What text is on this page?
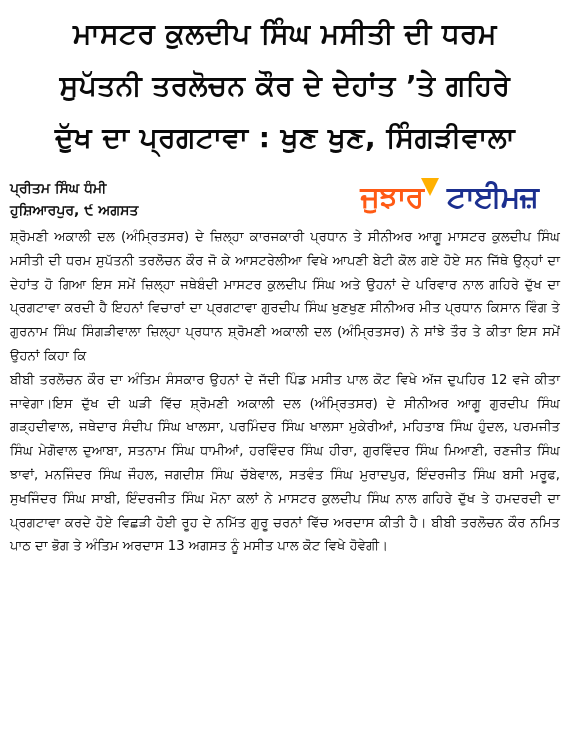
ਮਾਸਟਰ ਕੁਲਦੀਪ ਸਿੰਘ ਮਸੀਤੀ ਦੀ ਧਰਮ
ਸੁਪੱਤਨੀ ਤਰਲੋਚਨ ਕੌਰ ਦੇ ਦੇਹਾਂਤ ’ਤੇ ਗਹਿਰੇ
ਦੁੱਖ ਦਾ ਪ੍ਰਗਟਾਵਾ : ਖੁਣ ਖੁਣ, ਸਿੰਗੜੀਵਾਲਾ
ਪ੍ਰੀਤਮ ਸਿੰਘ ਧੰਮੀ
ਹੁਸ਼ਿਆਰਪੁਰ, ੯ ਅਗਸਤ	ਜੁਝਾਰ ਟਾਈਮਜ਼

ਸ਼੍ਰੋਮਣੀ ਅਕਾਲੀ ਦਲ (ਅੰਮ੍ਰਿਤਸਰ) ਦੇ ਜ਼ਿਲ੍ਹਾ ਕਾਰਜਕਾਰੀ ਪ੍ਰਧਾਨ ਤੇ ਸੀਨੀਅਰ ਆਗੂ ਮਾਸਟਰ ਕੁਲਦੀਪ ਸਿੰਘ ਮਸੀਤੀ ਦੀ ਧਰਮ ਸੁਪੱਤਨੀ ਤਰਲੋਚਨ ਕੌਰ ਜੋ ਕੇ ਆਸਟਰੇਲੀਆ ਵਿਖੇ ਆਪਣੀ ਬੇਟੀ ਕੋਲ ਗਏ ਹੋਏ ਸਨ ਜਿੱਥੇ ਉਨ੍ਹਾਂ ਦਾ ਦੇਹਾਂਤ ਹੋ ਗਿਆ ਇਸ ਸਮੇਂ ਜ਼ਿਲ੍ਹਾ ਜਥੇਬੰਦੀ ਮਾਸਟਰ ਕੁਲਦੀਪ ਸਿੰਘ ਅਤੇ ਉਹਨਾਂ ਦੇ ਪਰਿਵਾਰ ਨਾਲ ਗਹਿਰੇ ਦੁੱਖ ਦਾ ਪ੍ਰਗਟਾਵਾ ਕਰਦੀ ਹੈ ਇਹਨਾਂ ਵਿਚਾਰਾਂ ਦਾ ਪ੍ਰਗਟਾਵਾ ਗੁਰਦੀਪ ਸਿੰਘ ਖੁਣਖੁਣ ਸੀਨੀਅਰ ਮੀਤ ਪ੍ਰਧਾਨ ਕਿਸਾਨ ਵਿੰਗ ਤੇ ਗੁਰਨਾਮ ਸਿੰਘ ਸਿੰਗੜੀਵਾਲਾ ਜ਼ਿਲ੍ਹਾ ਪ੍ਰਧਾਨ ਸ਼੍ਰੋਮਣੀ ਅਕਾਲੀ ਦਲ (ਅੰਮ੍ਰਿਤਸਰ) ਨੇ ਸਾਂਝੇ ਤੌਰ ਤੇ ਕੀਤਾ ਇਸ ਸਮੇਂ ਉਹਨਾਂ ਕਿਹਾ ਕਿ

ਬੀਬੀ ਤਰਲੋਚਨ ਕੌਰ ਦਾ ਅੰਤਿਮ ਸੰਸਕਾਰ ਉਹਨਾਂ ਦੇ ਜੱਦੀ ਪਿੰਡ ਮਸੀਤ ਪਾਲ ਕੋਟ ਵਿਖੇ ਅੱਜ ਦੁਪਹਿਰ 12 ਵਜੇ ਕੀਤਾ ਜਾਵੇਗਾ।ਇਸ ਦੁੱਖ ਦੀ ਘੜੀ ਵਿੱਚ ਸ਼੍ਰੋਮਣੀ ਅਕਾਲੀ ਦਲ (ਅੰਮ੍ਰਿਤਸਰ) ਦੇ ਸੀਨੀਅਰ ਆਗੂ ਗੁਰਦੀਪ ਸਿੰਘ ਗੜ੍ਹਦੀਵਾਲ, ਜਥੇਦਾਰ ਸੰਦੀਪ ਸਿੰਘ ਖਾਲਸਾ, ਪਰਮਿੰਦਰ ਸਿੰਘ ਖਾਲਸਾ ਮੁਕੇਰੀਆਂ, ਮਹਿਤਾਬ ਸਿੰਘ ਹੁੰਦਲ, ਪਰਮਜੀਤ ਸਿੰਘ ਮੇਗੋਵਾਲ ਦੁਆਬਾ, ਸਤਨਾਮ ਸਿੰਘ ਧਾਮੀਆਂ, ਹਰਵਿੰਦਰ ਸਿੰਘ ਹੀਰਾ, ਗੁਰਵਿੰਦਰ ਸਿੰਘ ਮਿਆਣੀ, ਰਣਜੀਤ ਸਿੰਘ ਝਾਵਾਂ, ਮਨਜਿੰਦਰ ਸਿੰਘ ਜੌਹਲ, ਜਗਦੀਸ਼ ਸਿੰਘ ਚੱਬੇਵਾਲ, ਸਤਵੰਤ ਸਿੰਘ ਮੁਰਾਦਪੁਰ, ਇੰਦਰਜੀਤ ਸਿੰਘ ਬਸੀ ਮਰੂਫ, ਸੁਖਜਿੰਦਰ ਸਿੰਘ ਸਾਬੀ, ਇੰਦਰਜੀਤ ਸਿੰਘ ਮੋਨਾ ਕਲਾਂ ਨੇ ਮਾਸਟਰ ਕੁਲਦੀਪ ਸਿੰਘ ਨਾਲ ਗਹਿਰੇ ਦੁੱਖ ਤੇ ਹਮਦਰਦੀ ਦਾ ਪ੍ਰਗਟਾਵਾ ਕਰਦੇ ਹੋਏ ਵਿਛੜੀ ਹੋਈ ਰੂਹ ਦੇ ਨਮਿੱਤ ਗੁਰੂ ਚਰਨਾਂ ਵਿੱਚ ਅਰਦਾਸ ਕੀਤੀ ਹੈ। ਬੀਬੀ ਤਰਲੋਚਨ ਕੌਰ ਨਮਿਤ ਪਾਠ ਦਾ ਭੋਗ ਤੇ ਅੰਤਿਮ ਅਰਦਾਸ 13 ਅਗਸਤ ਨੂੰ ਮਸੀਤ ਪਾਲ ਕੋਟ ਵਿਖੇ ਹੋਵੇਗੀ।
